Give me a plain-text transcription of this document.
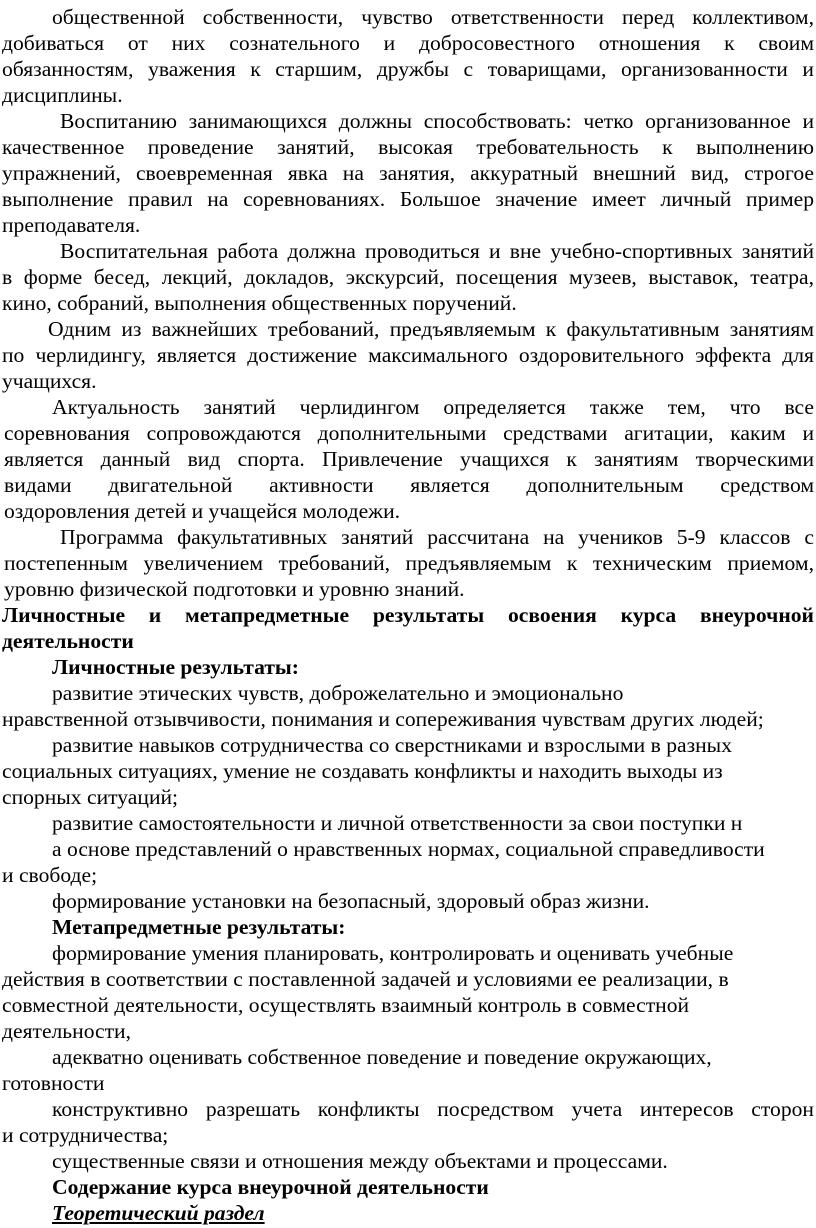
общественной собственности, чувство ответственности перед коллективом,
добиваться от них сознательного и добросовестного отношения к своим
обязанностям, уважения к старшим, дружбы с товарищами, организованности и
дисциплины.
Воспитанию занимающихся должны способствовать: четко организованное и
качественное проведение занятий, высокая требовательность к выполнению
упражнений, своевременная явка на занятия, аккуратный внешний вид, строгое
выполнение правил на соревнованиях. Большое значение имеет личный пример
преподавателя.
Воспитательная работа должна проводиться и вне учебно-спортивных занятий
в форме бесед, лекций, докладов, экскурсий, посещения музеев, выставок, театра,
кино, собраний, выполнения общественных поручений.
Одним из важнейших требований, предъявляемым к факультативным занятиям
по черлидингу, является достижение максимального оздоровительного эффекта для
учащихся.
Актуальность занятий черлидингом определяется также тем, что все
соревнования сопровождаются дополнительными средствами агитации, каким и
является данный вид спорта. Привлечение учащихся к занятиям творческими
видами двигательной активности является дополнительным средством
оздоровления детей и учащейся молодежи.
Программа факультативных занятий рассчитана на учеников 5-9 классов с
постепенным увеличением требований, предъявляемым к техническим приемом,
уровню физической подготовки и уровню знаний.
Личностные и метапредметные результаты освоения курса внеурочной
деятельности
Личностные результаты:
развитие этических чувств, доброжелательно и эмоционально
нравственной отзывчивости, понимания и сопереживания чувствам других людей;
развитие навыков сотрудничества со сверстниками и взрослыми в разных
социальных ситуациях, умение не создавать конфликты и находить выходы из
спорных ситуаций;
развитие самостоятельности и личной ответственности за свои поступки н
а основе представлений о нравственных нормах, социальной справедливости
и свободе;
формирование установки на безопасный, здоровый образ жизни.
Метапредметные результаты:
формирование умения планировать, контролировать и оценивать учебные
действия в соответствии с поставленной задачей и условиями ее реализации, в
совместной деятельности, осуществлять взаимный контроль в совместной
деятельности,
адекватно оценивать собственное поведение и поведение окружающих,
готовности
конструктивно разрешать конфликты посредством учета интересов сторон
и сотрудничества;
существенные связи и отношения между объектами и процессами.
Содержание курса внеурочной деятельности
Теоретический раздел
